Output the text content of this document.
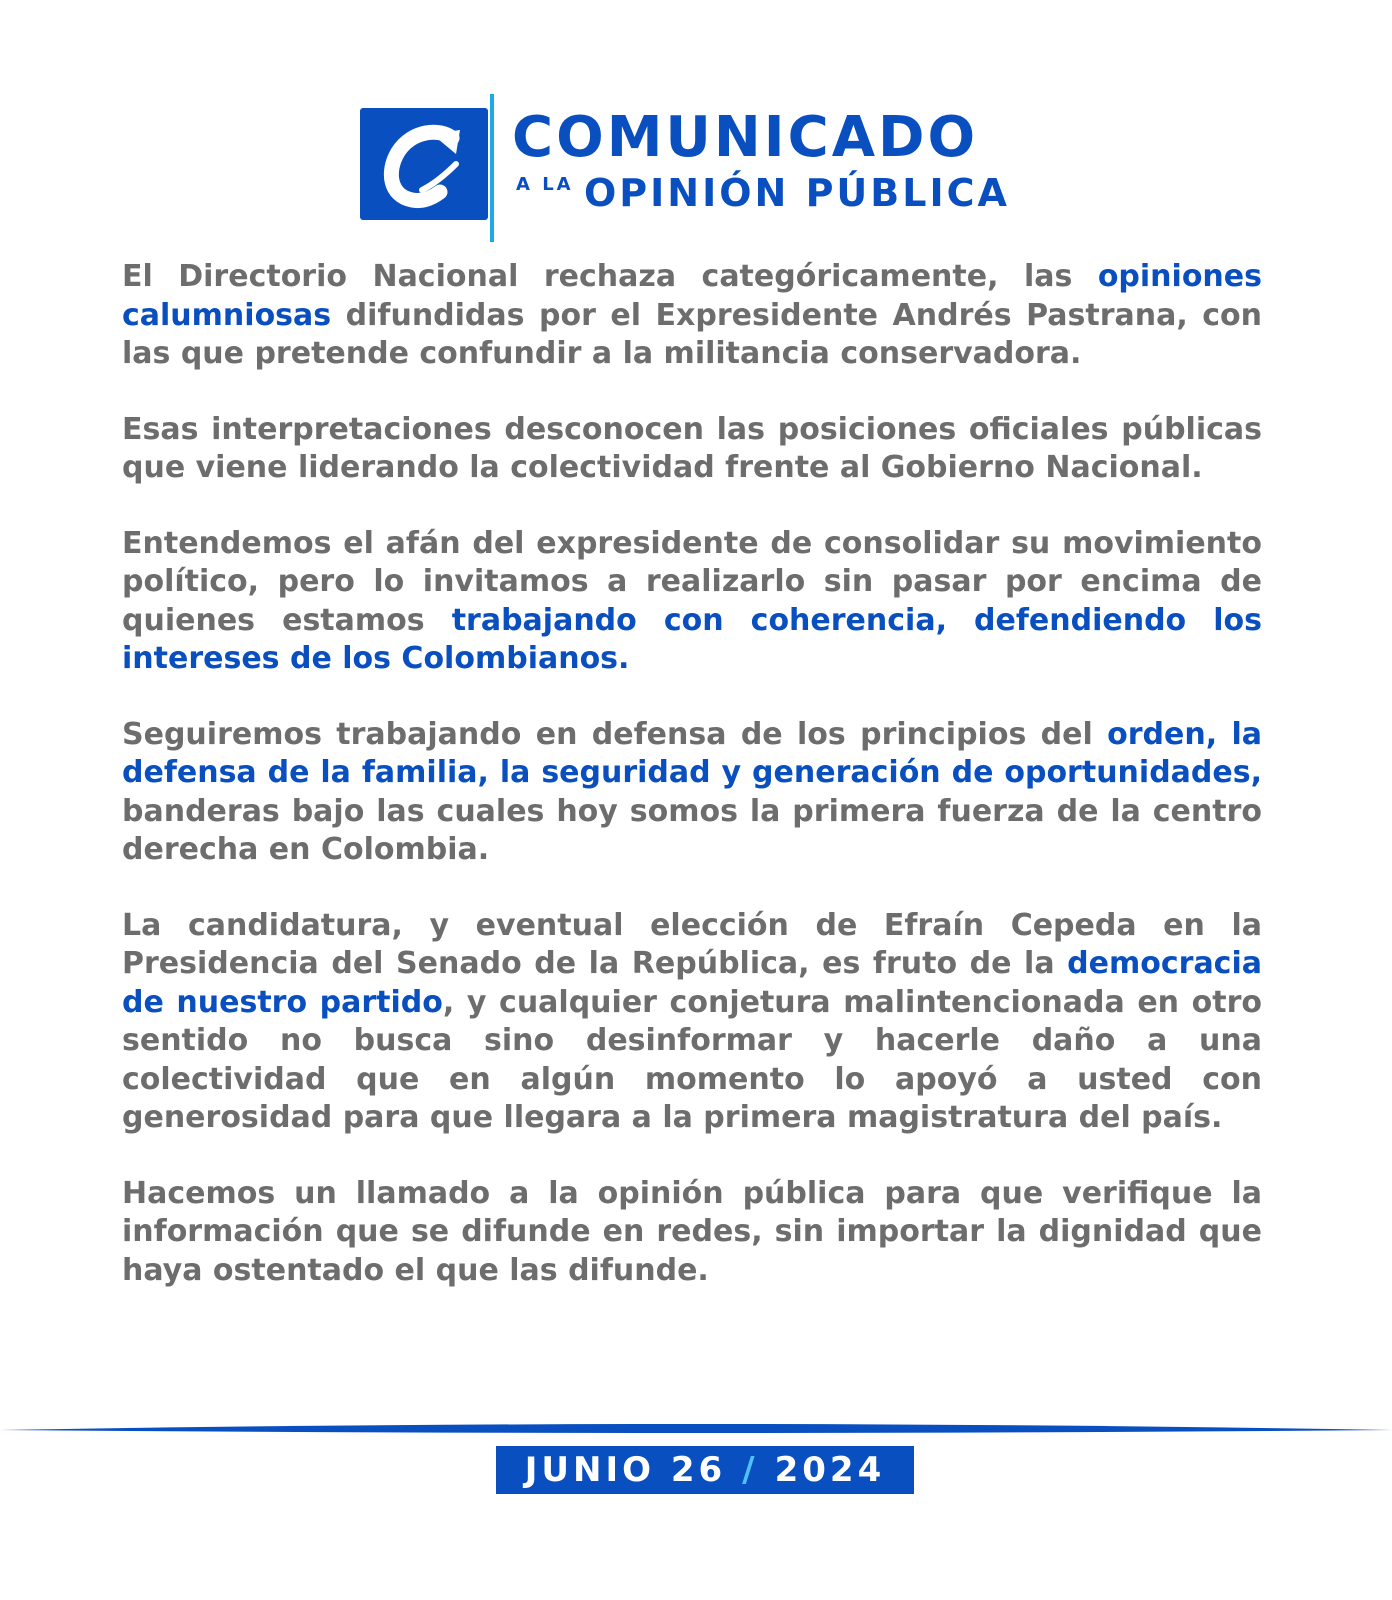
COMUNICADO
A LA OPINIÓN PÚBLICA

El Directorio Nacional rechaza categóricamente, las opiniones calumniosas difundidas por el Expresidente Andrés Pastrana, con las que pretende confundir a la militancia conservadora.

Esas interpretaciones desconocen las posiciones oficiales públicas que viene liderando la colectividad frente al Gobierno Nacional.

Entendemos el afán del expresidente de consolidar su movimiento político, pero lo invitamos a realizarlo sin pasar por encima de quienes estamos trabajando con coherencia, defendiendo los intereses de los Colombianos.

Seguiremos trabajando en defensa de los principios del orden, la defensa de la familia, la seguridad y generación de oportunidades, banderas bajo las cuales hoy somos la primera fuerza de la centro derecha en Colombia.

La candidatura, y eventual elección de Efraín Cepeda en la Presidencia del Senado de la República, es fruto de la democracia de nuestro partido, y cualquier conjetura malintencionada en otro sentido no busca sino desinformar y hacerle daño a una colectividad que en algún momento lo apoyó a usted con generosidad para que llegara a la primera magistratura del país.

Hacemos un llamado a la opinión pública para que verifique la información que se difunde en redes, sin importar la dignidad que haya ostentado el que las difunde.

JUNIO 26 / 2024
